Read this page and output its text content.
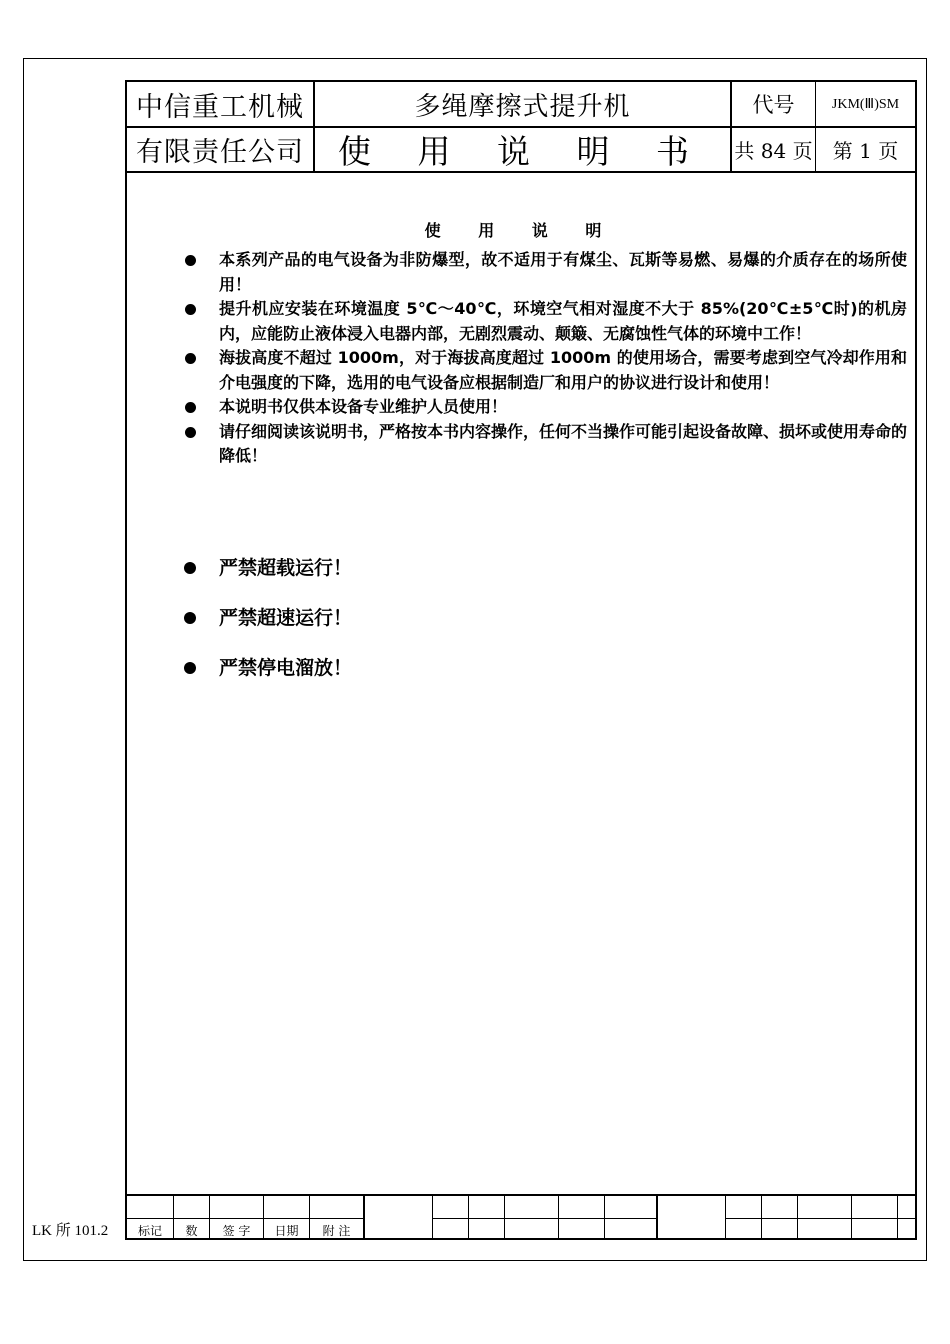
中信重工机械
有限责任公司
多绳摩擦式提升机
使 用 说 明 书
代号	JKM(Ⅲ)SM
共 84 页	第 1 页
使 用 说 明
本系列产品的电气设备为非防爆型，故不适用于有煤尘、瓦斯等易燃、易爆的介质存在的场所使用！
提升机应安装在环境温度 5℃～40℃，环境空气相对湿度不大于 85%(20℃±5℃时)的机房内，应能防止液体浸入电器内部，无剧烈震动、颠簸、无腐蚀性气体的环境中工作！
海拔高度不超过 1000m，对于海拔高度超过 1000m 的使用场合，需要考虑到空气冷却作用和介电强度的下降，选用的电气设备应根据制造厂和用户的协议进行设计和使用！
本说明书仅供本设备专业维护人员使用！
请仔细阅读该说明书，严格按本书内容操作，任何不当操作可能引起设备故障、损坏或使用寿命的降低！
严禁超载运行！
严禁超速运行！
严禁停电溜放！
标记	数	签 字	日期	附 注
LK 所 101.2
